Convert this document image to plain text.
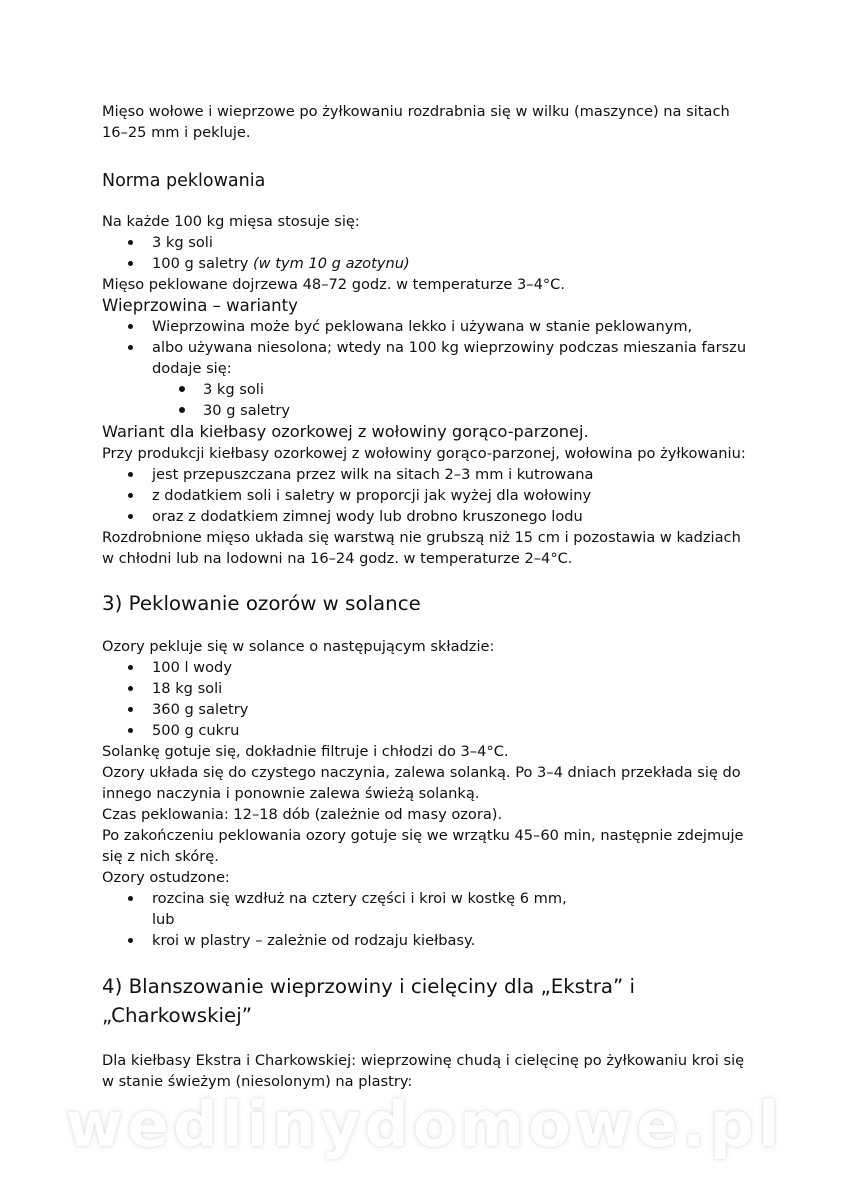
Mięso wołowe i wieprzowe po żyłkowaniu rozdrabnia się w wilku (maszynce) na sitach 16–25 mm i pekluje.

Norma peklowania

Na każde 100 kg mięsa stosuje się:

3 kg soli
100 g saletry (w tym 10 g azotynu)

Mięso peklowane dojrzewa 48–72 godz. w temperaturze 3–4°C.

Wieprzowina – warianty
Wieprzowina może być peklowana lekko i używana w stanie peklowanym,
albo używana niesolona; wtedy na 100 kg wieprzowiny podczas mieszania farszu dodaje się:
3 kg soli
30 g saletry
Wariant dla kiełbasy ozorkowej z wołowiny gorąco-parzonej.

Przy produkcji kiełbasy ozorkowej z wołowiny gorąco-parzonej, wołowina po żyłkowaniu:

jest przepuszczana przez wilk na sitach 2–3 mm i kutrowana
z dodatkiem soli i saletry w proporcji jak wyżej dla wołowiny
oraz z dodatkiem zimnej wody lub drobno kruszonego lodu

Rozdrobnione mięso układa się warstwą nie grubszą niż 15 cm i pozostawia w kadziach w chłodni lub na lodowni na 16–24 godz. w temperaturze 2–4°C.

3) Peklowanie ozorów w solance

Ozory pekluje się w solance o następującym składzie:

100 l wody
18 kg soli
360 g saletry
500 g cukru

Solankę gotuje się, dokładnie filtruje i chłodzi do 3–4°C.

Ozory układa się do czystego naczynia, zalewa solanką. Po 3–4 dniach przekłada się do innego naczynia i ponownie zalewa świeżą solanką.

Czas peklowania: 12–18 dób (zależnie od masy ozora).

Po zakończeniu peklowania ozory gotuje się we wrzątku 45–60 min, następnie zdejmuje się z nich skórę.

Ozory ostudzone:

rozcina się wzdłuż na cztery części i kroi w kostkę 6 mm,
lub
kroi w plastry – zależnie od rodzaju kiełbasy.
4) Blanszowanie wieprzowiny i cielęciny dla „Ekstra” i „Charkowskiej”

Dla kiełbasy Ekstra i Charkowskiej: wieprzowinę chudą i cielęcinę po żyłkowaniu kroi się w stanie świeżym (niesolonym) na plastry:

wedlinydomowe.pl
